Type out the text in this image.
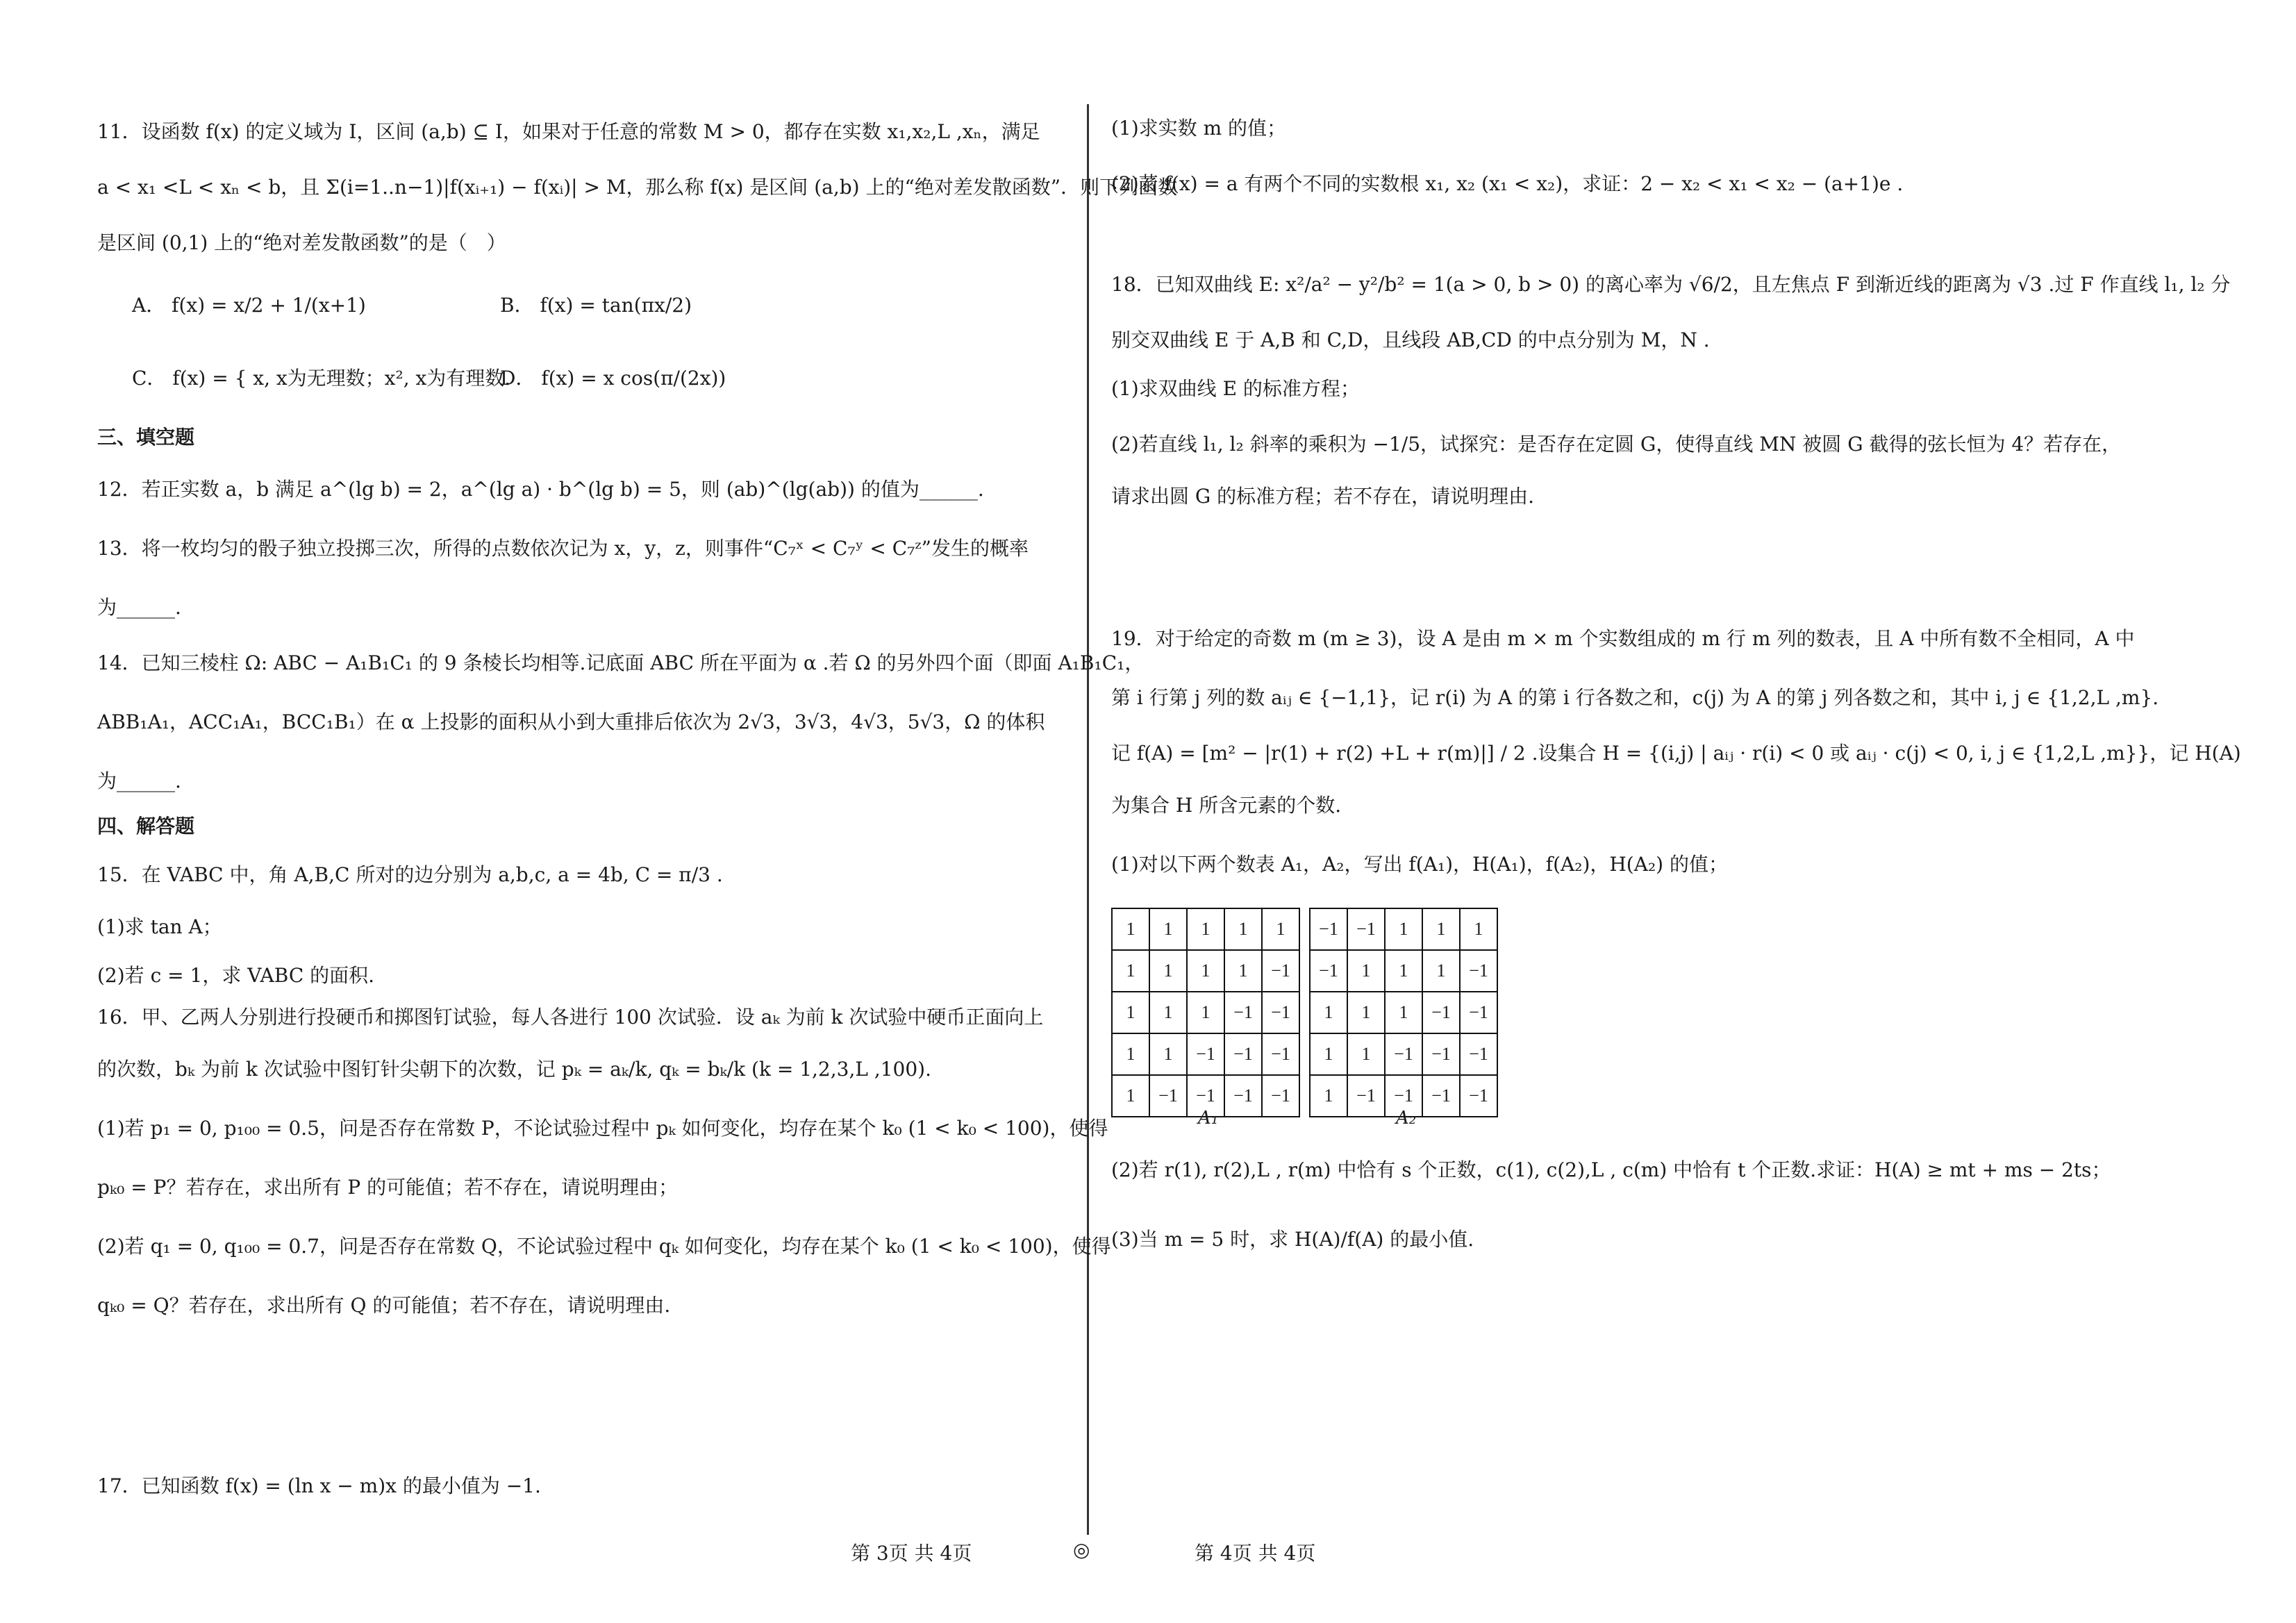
11．设函数 f(x) 的定义域为 I，区间 (a,b) ⊆ I，如果对于任意的常数 M > 0，都存在实数 x₁,x₂,L ,xₙ，满足
a < x₁ <L < xₙ < b，且 Σ(i=1..n−1)|f(xᵢ₊₁) − f(xᵢ)| > M，那么称 f(x) 是区间 (a,b) 上的“绝对差发散函数”．则下列函数
是区间 (0,1) 上的“绝对差发散函数”的是（　）
A． f(x) = x/2 + 1/(x+1)	B． f(x) = tan(πx/2)
C． f(x) = { x, x为无理数；x², x为有理数.
D． f(x) = x cos(π/(2x))
三、填空题
12．若正实数 a，b 满足 a^(lg b) = 2，a^(lg a) · b^(lg b) = 5，则 (ab)^(lg(ab)) 的值为______.
13．将一枚均匀的骰子独立投掷三次，所得的点数依次记为 x，y，z，则事件“C₇ˣ < C₇ʸ < C₇ᶻ”发生的概率
为______.
14．已知三棱柱 Ω: ABC − A₁B₁C₁ 的 9 条棱长均相等.记底面 ABC 所在平面为 α .若 Ω 的另外四个面（即面 A₁B₁C₁，
ABB₁A₁，ACC₁A₁，BCC₁B₁）在 α 上投影的面积从小到大重排后依次为 2√3，3√3，4√3，5√3，Ω 的体积
为______.
四、解答题
15．在 VABC 中，角 A,B,C 所对的边分别为 a,b,c, a = 4b, C = π/3 .
(1)求 tan A；
(2)若 c = 1，求 VABC 的面积.
16．甲、乙两人分别进行投硬币和掷图钉试验，每人各进行 100 次试验．设 aₖ 为前 k 次试验中硬币正面向上
的次数，bₖ 为前 k 次试验中图钉针尖朝下的次数，记 pₖ = aₖ/k, qₖ = bₖ/k (k = 1,2,3,L ,100).
(1)若 p₁ = 0, p₁₀₀ = 0.5，问是否存在常数 P，不论试验过程中 pₖ 如何变化，均存在某个 k₀ (1 < k₀ < 100)，使得
pₖ₀ = P？若存在，求出所有 P 的可能值；若不存在，请说明理由；
(2)若 q₁ = 0, q₁₀₀ = 0.7，问是否存在常数 Q，不论试验过程中 qₖ 如何变化，均存在某个 k₀ (1 < k₀ < 100)，使得
qₖ₀ = Q？若存在，求出所有 Q 的可能值；若不存在，请说明理由.
17．已知函数 f(x) = (ln x − m)x 的最小值为 −1.
(1)求实数 m 的值；
(2)若 f(x) = a 有两个不同的实数根 x₁, x₂ (x₁ < x₂)，求证：2 − x₂ < x₁ < x₂ − (a+1)e .
18．已知双曲线 E: x²/a² − y²/b² = 1(a > 0, b > 0) 的离心率为 √6/2，且左焦点 F 到渐近线的距离为 √3 .过 F 作直线 l₁, l₂ 分
别交双曲线 E 于 A,B 和 C,D，且线段 AB,CD 的中点分别为 M，N .
(1)求双曲线 E 的标准方程；
(2)若直线 l₁, l₂ 斜率的乘积为 −1/5，试探究：是否存在定圆 G，使得直线 MN 被圆 G 截得的弦长恒为 4？若存在，
请求出圆 G 的标准方程；若不存在，请说明理由.
19．对于给定的奇数 m (m ≥ 3)，设 A 是由 m × m 个实数组成的 m 行 m 列的数表，且 A 中所有数不全相同，A 中
第 i 行第 j 列的数 aᵢⱼ ∈ {−1,1}，记 r(i) 为 A 的第 i 行各数之和，c(j) 为 A 的第 j 列各数之和，其中 i, j ∈ {1,2,L ,m}.
记 f(A) = [m² − |r(1) + r(2) +L + r(m)|] / 2 .设集合 H = {(i,j) | aᵢⱼ · r(i) < 0 或 aᵢⱼ · c(j) < 0, i, j ∈ {1,2,L ,m}}，记 H(A)
为集合 H 所含元素的个数.
(1)对以下两个数表 A₁，A₂，写出 f(A₁)，H(A₁)，f(A₂)，H(A₂) 的值；
1	1	1	1	1
1	1	1	1	−1
1	1	1	−1	−1
1	1	−1	−1	−1
1	−1	−1	−1	−1
A₁
−1	−1	1	1	1
−1	1	1	1	−1
1	1	1	−1	−1
1	1	−1	−1	−1
1	−1	−1	−1	−1
A₂
(2)若 r(1), r(2),L , r(m) 中恰有 s 个正数，c(1), c(2),L , c(m) 中恰有 t 个正数.求证：H(A) ≥ mt + ms − 2ts；
(3)当 m = 5 时，求 H(A)/f(A) 的最小值.
第 3页 共 4页	◎	第 4页 共 4页
